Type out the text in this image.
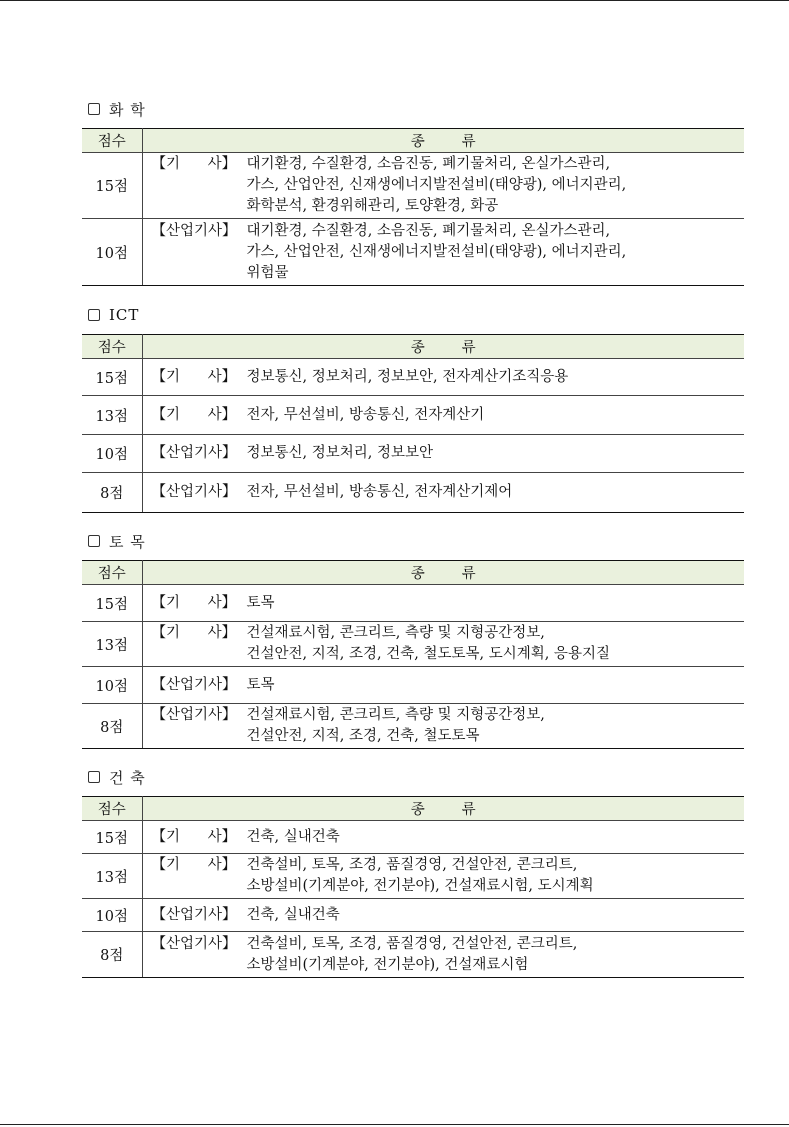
화 학
점수	종        류
15점	【기      사】 대기환경, 수질환경, 소음진동, 폐기물처리, 온실가스관리,
가스, 산업안전, 신재생에너지발전설비(태양광), 에너지관리,
화학분석, 환경위해관리, 토양환경, 화공

10점	【산업기사】 대기환경, 수질환경, 소음진동, 폐기물처리, 온실가스관리,
가스, 산업안전, 신재생에너지발전설비(태양광), 에너지관리,
위험물
ICT
점수	종        류
15점	【기      사】 정보통신, 정보처리, 정보보안, 전자계산기조직응용

13점	【기      사】 전자, 무선설비, 방송통신, 전자계산기

10점	【산업기사】 정보통신, 정보처리, 정보보안

8점	【산업기사】 전자, 무선설비, 방송통신, 전자계산기제어
토 목
점수	종        류
15점	【기      사】 토목

13점	【기      사】 건설재료시험, 콘크리트, 측량 및 지형공간정보,
건설안전, 지적, 조경, 건축, 철도토목, 도시계획, 응용지질

10점	【산업기사】 토목

8점	【산업기사】 건설재료시험, 콘크리트, 측량 및 지형공간정보,
건설안전, 지적, 조경, 건축, 철도토목
건 축
점수	종        류
15점	【기      사】 건축, 실내건축

13점	【기      사】 건축설비, 토목, 조경, 품질경영, 건설안전, 콘크리트,
소방설비(기계분야, 전기분야), 건설재료시험, 도시계획

10점	【산업기사】 건축, 실내건축

8점	【산업기사】 건축설비, 토목, 조경, 품질경영, 건설안전, 콘크리트,
소방설비(기계분야, 전기분야), 건설재료시험
